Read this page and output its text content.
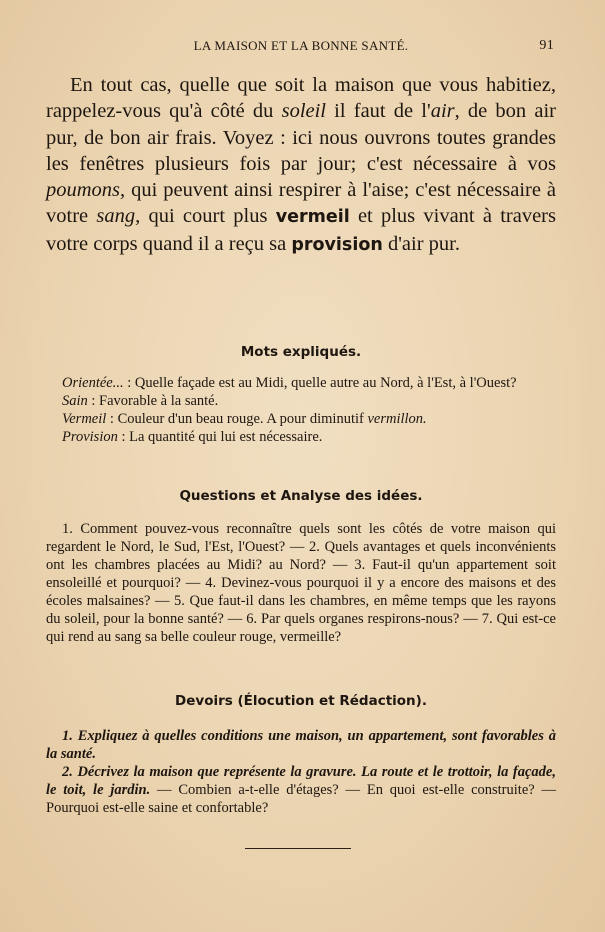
LA MAISON ET LA BONNE SANTÉ.	91

En tout cas, quelle que soit la maison que vous habitiez, rappelez-vous qu'à côté du soleil il faut de l'air, de bon air pur, de bon air frais. Voyez : ici nous ouvrons toutes grandes les fenêtres plusieurs fois par jour; c'est nécessaire à vos poumons, qui peuvent ainsi respirer à l'aise; c'est nécessaire à votre sang, qui court plus vermeil et plus vivant à travers votre corps quand il a reçu sa provision d'air pur.

Mots expliqués.

Orientée... : Quelle façade est au Midi, quelle autre au Nord, à l'Est, à l'Ouest?

Sain : Favorable à la santé.

Vermeil : Couleur d'un beau rouge. A pour diminutif vermillon.

Provision : La quantité qui lui est nécessaire.

Questions et Analyse des idées.

1. Comment pouvez-vous reconnaître quels sont les côtés de votre maison qui regardent le Nord, le Sud, l'Est, l'Ouest? — 2. Quels avantages et quels inconvénients ont les chambres placées au Midi? au Nord? — 3. Faut-il qu'un appartement soit ensoleillé et pourquoi? — 4. Devinez-vous pourquoi il y a encore des maisons et des écoles malsaines? — 5. Que faut-il dans les chambres, en même temps que les rayons du soleil, pour la bonne santé? — 6. Par quels organes respirons-nous? — 7. Qui est-ce qui rend au sang sa belle couleur rouge, vermeille?

Devoirs (Élocution et Rédaction).

1. Expliquez à quelles conditions une maison, un appartement, sont favorables à la santé.

2. Décrivez la maison que représente la gravure. La route et le trottoir, la façade, le toit, le jardin. — Combien a-t-elle d'étages? — En quoi est-elle construite? — Pourquoi est-elle saine et confortable?
